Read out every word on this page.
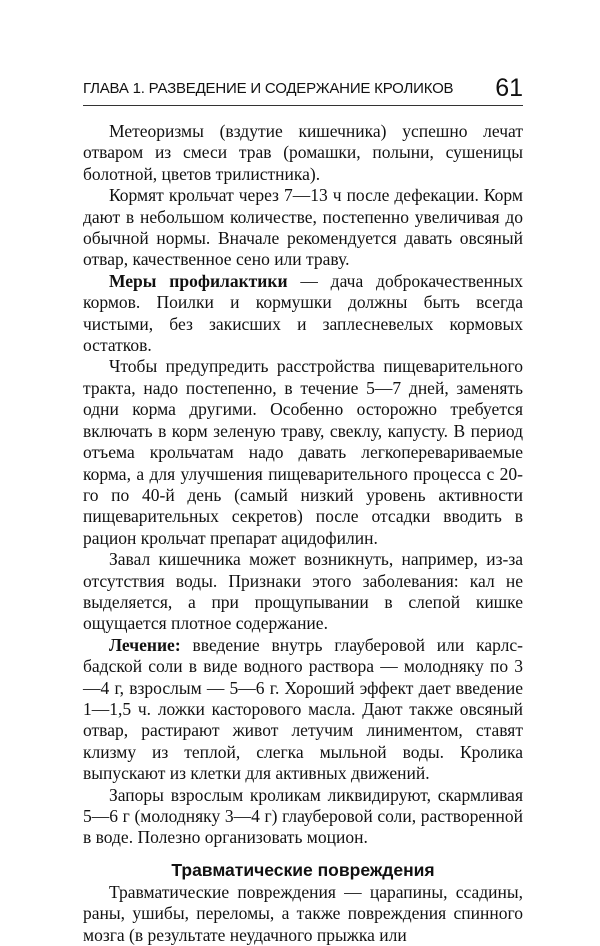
ГЛАВА 1. РАЗВЕДЕНИЕ И СОДЕРЖАНИЕ КРОЛИКОВ 61

Метеоризмы (вздутие кишечника) успешно лечат отваром из смеси трав (ромашки, полыни, сушеницы болотной, цветов трилистника).

Кормят крольчат через 7—13 ч после дефекации. Корм дают в небольшом количестве, постепенно увеличивая до обычной нормы. Вначале рекомендуется давать овсяный отвар, качественное сено или траву.

Меры профилактики — дача доброкачественных кормов. Поилки и кормушки должны быть всегда чистыми, без закисших и заплесневелых кормовых остатков.

Чтобы предупредить расстройства пищеварительного тракта, надо постепенно, в течение 5—7 дней, заменять одни корма другими. Особенно осторожно требуется включать в корм зеленую траву, свеклу, капусту. В период отъема крольчатам надо давать легкоперевариваемые корма, а для улучшения пищеварительного процесса с 20-го по 40-й день (самый низкий уровень активности пищеварительных секретов) после отсадки вводить в рацион крольчат препарат ацидофилин.

Завал кишечника может возникнуть, например, из-за отсутствия воды. Признаки этого заболевания: кал не выделяется, а при прощупывании в слепой кишке ощущается плотное содержание.

Лечение: введение внутрь глауберовой или карлсбадской соли в виде водного раствора — молодняку по 3—4 г, взрослым — 5—6 г. Хороший эффект дает введение 1—1,5 ч. ложки касторового масла. Дают также овсяный отвар, растирают живот летучим линиментом, ставят клизму из теплой, слегка мыльной воды. Кролика выпускают из клетки для активных движений.

Запоры взрослым кроликам ликвидируют, скармливая 5—6 г (молодняку 3—4 г) глауберовой соли, растворенной в воде. Полезно организовать моцион.

Травматические повреждения

Травматические повреждения — царапины, ссадины, раны, ушибы, переломы, а также повреждения спинного мозга (в результате неудачного прыжка или
